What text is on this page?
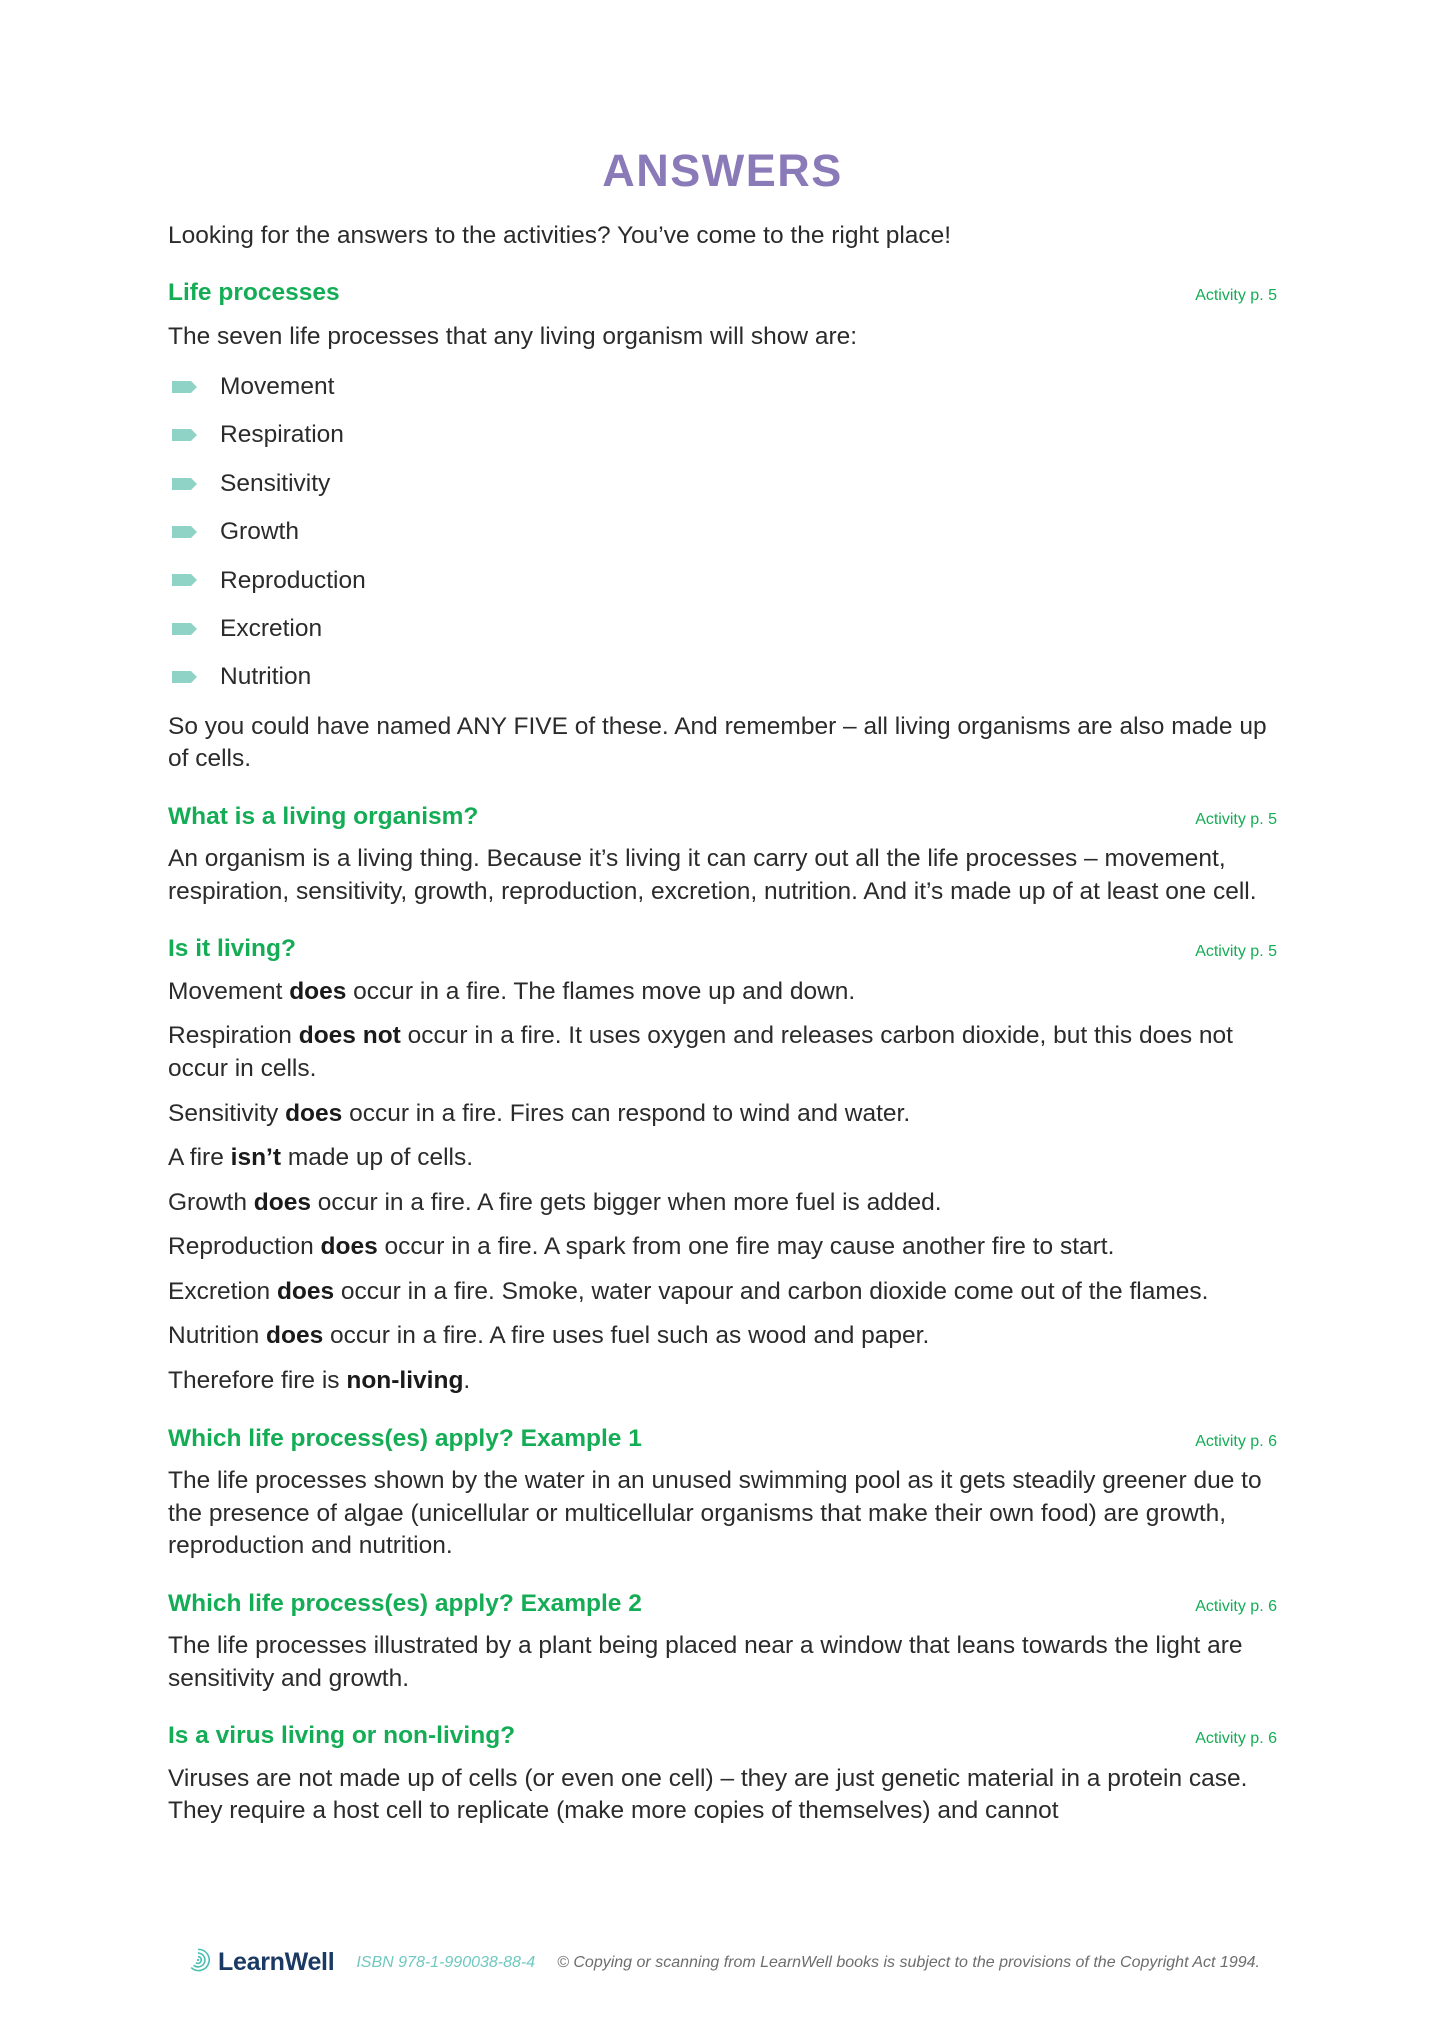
ANSWERS

Looking for the answers to the activities? You’ve come to the right place!

Life processes	Activity p. 5

The seven life processes that any living organism will show are:

Movement
Respiration
Sensitivity
Growth
Reproduction
Excretion
Nutrition

So you could have named ANY FIVE of these. And remember – all living organisms are also made up of cells.

What is a living organism?	Activity p. 5

An organism is a living thing. Because it’s living it can carry out all the life processes – movement, respiration, sensitivity, growth, reproduction, excretion, nutrition. And it’s made up of at least one cell.

Is it living?	Activity p. 5

Movement does occur in a fire. The flames move up and down.

Respiration does not occur in a fire. It uses oxygen and releases carbon dioxide, but this does not occur in cells.

Sensitivity does occur in a fire. Fires can respond to wind and water.

A fire isn’t made up of cells.

Growth does occur in a fire. A fire gets bigger when more fuel is added.

Reproduction does occur in a fire. A spark from one fire may cause another fire to start.

Excretion does occur in a fire. Smoke, water vapour and carbon dioxide come out of the flames.

Nutrition does occur in a fire. A fire uses fuel such as wood and paper.

Therefore fire is non-living.

Which life process(es) apply? Example 1	Activity p. 6

The life processes shown by the water in an unused swimming pool as it gets steadily greener due to the presence of algae (unicellular or multicellular organisms that make their own food) are growth, reproduction and nutrition.

Which life process(es) apply? Example 2	Activity p. 6

The life processes illustrated by a plant being placed near a window that leans towards the light are sensitivity and growth.

Is a virus living or non-living?	Activity p. 6

Viruses are not made up of cells (or even one cell) – they are just genetic material in a protein case. They require a host cell to replicate (make more copies of themselves) and cannot

LearnWell ISBN 978-1-990038-88-4 © Copying or scanning from LearnWell books is subject to the provisions of the Copyright Act 1994.
